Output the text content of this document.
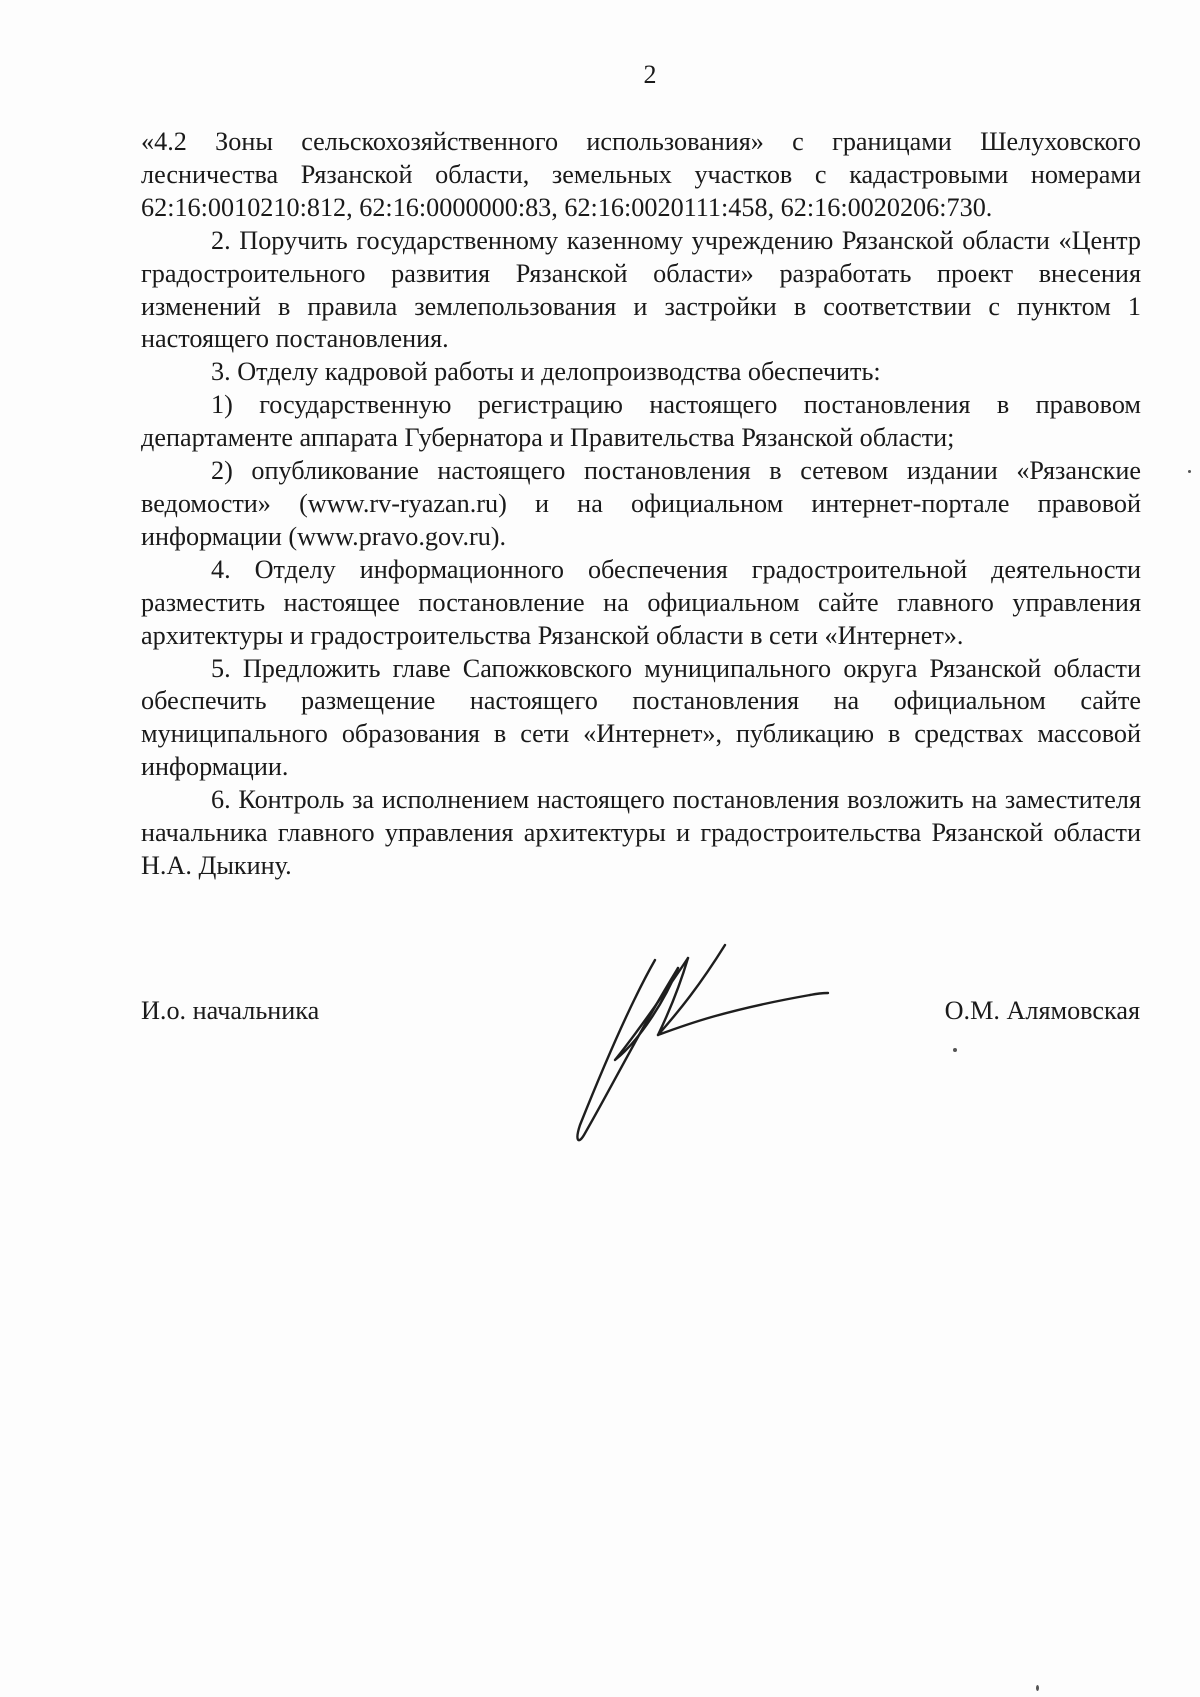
2

«4.2 Зоны сельскохозяйственного использования» с границами Шелуховского лесничества Рязанской области, земельных участков с кадастровыми номерами 62:16:0010210:812, 62:16:0000000:83, 62:16:0020111:458, 62:16:0020206:730.

2. Поручить государственному казенному учреждению Рязанской области «Центр градостроительного развития Рязанской области» разработать проект внесения изменений в правила землепользования и застройки в соответствии с пунктом 1 настоящего постановления.

3. Отделу кадровой работы и делопроизводства обеспечить:

1) государственную регистрацию настоящего постановления в правовом департаменте аппарата Губернатора и Правительства Рязанской области;

2) опубликование настоящего постановления в сетевом издании «Рязанские ведомости» (www.rv-ryazan.ru) и на официальном интернет-портале правовой информации (www.pravo.gov.ru).

4. Отделу информационного обеспечения градостроительной деятельности разместить настоящее постановление на официальном сайте главного управления архитектуры и градостроительства Рязанской области в сети «Интернет».

5. Предложить главе Сапожковского муниципального округа Рязанской области обеспечить размещение настоящего постановления на официальном сайте муниципального образования в сети «Интернет», публикацию в средствах массовой информации.

6. Контроль за исполнением настоящего постановления возложить на заместителя начальника главного управления архитектуры и градостроительства Рязанской области Н.А. Дыкину.

И.о. начальника	О.М. Алямовская
